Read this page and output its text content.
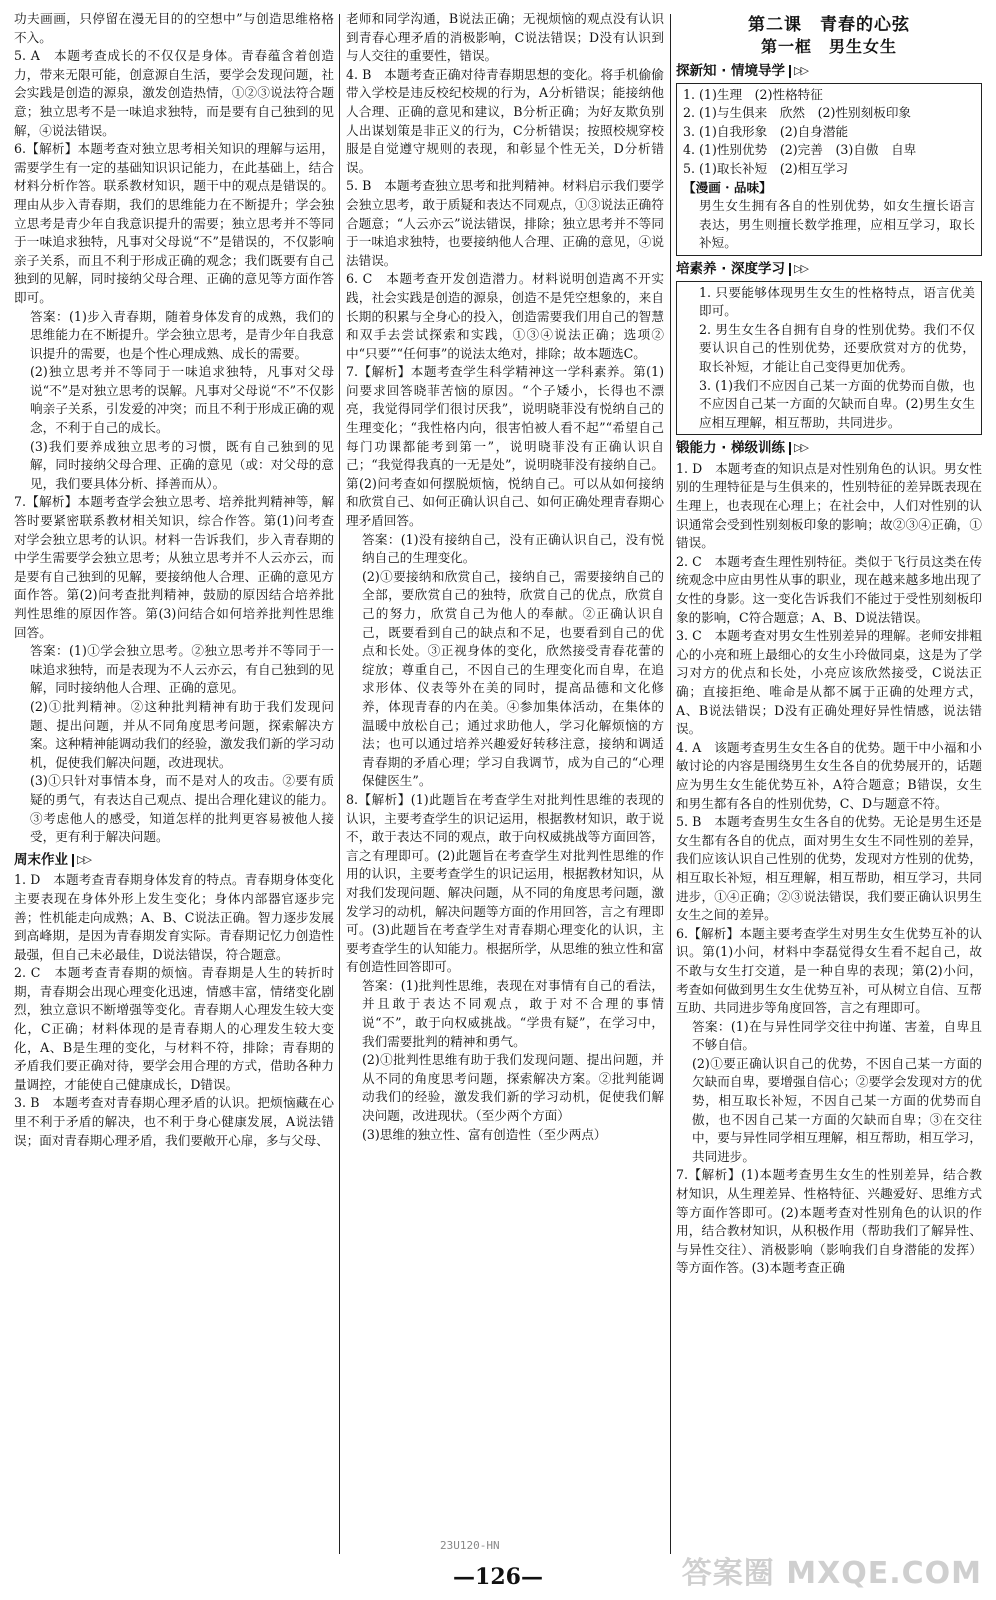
功夫画画，只停留在漫无目的的空想中”与创造思维格格不入。

5. A　本题考查成长的不仅仅是身体。青春蕴含着创造力，带来无限可能，创意源自生活，要学会发现问题，社会实践是创造的源泉，激发创造热情，①②③说法符合题意；独立思考不是一味追求独特，而是要有自己独到的见解，④说法错误。

6.【解析】本题考查对独立思考相关知识的理解与运用，需要学生有一定的基础知识识记能力，在此基础上，结合材料分析作答。联系教材知识，题干中的观点是错误的。理由从步入青春期，我们的思维能力在不断提升；学会独立思考是青少年自我意识提升的需要；独立思考并不等同于一味追求独特，凡事对父母说“不”是错误的，不仅影响亲子关系，而且不利于形成正确的观念；我们既要有自己独到的见解，同时接纳父母合理、正确的意见等方面作答即可。

答案：(1)步入青春期，随着身体发育的成熟，我们的思维能力在不断提升。学会独立思考，是青少年自我意识提升的需要，也是个性心理成熟、成长的需要。

(2)独立思考并不等同于一味追求独特，凡事对父母说“不”是对独立思考的误解。凡事对父母说“不”不仅影响亲子关系，引发爱的冲突；而且不利于形成正确的观念，不利于自己的成长。

(3)我们要养成独立思考的习惯，既有自己独到的见解，同时接纳父母合理、正确的意见（或：对父母的意见，我们要具体分析、择善而从）。

7.【解析】本题考查学会独立思考、培养批判精神等，解答时要紧密联系教材相关知识，综合作答。第(1)问考查对学会独立思考的认识。材料一告诉我们，步入青春期的中学生需要学会独立思考；从独立思考并不人云亦云，而是要有自己独到的见解，要接纳他人合理、正确的意见方面作答。第(2)问考查批判精神，鼓励的原因结合培养批判性思维的原因作答。第(3)问结合如何培养批判性思维回答。

答案：(1)①学会独立思考。②独立思考并不等同于一味追求独特，而是表现为不人云亦云，有自己独到的见解，同时接纳他人合理、正确的意见。

(2)①批判精神。②这种批判精神有助于我们发现问题、提出问题，并从不同角度思考问题，探索解决方案。这种精神能调动我们的经验，激发我们新的学习动机，促使我们解决问题，改进现状。

(3)①只针对事情本身，而不是对人的攻击。②要有质疑的勇气，有表达自己观点、提出合理化建议的能力。③考虑他人的感受，知道怎样的批判更容易被他人接受，更有利于解决问题。

周末作业 ▷▷

1. D　本题考查青春期身体发育的特点。青春期身体变化主要表现在身体外形上发生变化；身体内部器官逐步完善；性机能走向成熟；A、B、C说法正确。智力逐步发展到高峰期，是因为青春期发育实际。青春期记忆力创造性最强，但自己未必最佳，D说法错误，符合题意。

2. C　本题考查青春期的烦恼。青春期是人生的转折时期，青春期会出现心理变化迅速，情感丰富，情绪变化剧烈，独立意识不断增强等变化。青春期人心理发生较大变化，C正确；材料体现的是青春期人的心理发生较大变化，A、B是生理的变化，与材料不符，排除；青春期的矛盾我们要正确对待，要学会用合理的方式，借助各种力量调控，才能使自己健康成长，D错误。

3. B　本题考查对青春期心理矛盾的认识。把烦恼藏在心里不利于矛盾的解决，也不利于身心健康发展，A说法错误；面对青春期心理矛盾，我们要敞开心扉，多与父母、

老师和同学沟通，B说法正确；无视烦恼的观点没有认识到青春心理矛盾的消极影响，C说法错误；D没有认识到与人交往的重要性，错误。

4. B　本题考查正确对待青春期思想的变化。将手机偷偷带入学校是违反校纪校规的行为，A分析错误；能接纳他人合理、正确的意见和建议，B分析正确；为好友欺负别人出谋划策是非正义的行为，C分析错误；按照校规穿校服是自觉遵守规则的表现，和彰显个性无关，D分析错误。

5. B　本题考查独立思考和批判精神。材料启示我们要学会独立思考，敢于质疑和表达不同观点，①③说法正确符合题意；“人云亦云”说法错误，排除；独立思考并不等同于一味追求独特，也要接纳他人合理、正确的意见，④说法错误。

6. C　本题考查开发创造潜力。材料说明创造离不开实践，社会实践是创造的源泉，创造不是凭空想象的，来自长期的积累与全身心的投入，创造需要我们用自己的智慧和双手去尝试探索和实践，①③④说法正确；选项②中“只要”“任何事”的说法太绝对，排除；故本题选C。

7.【解析】本题考查学生科学精神这一学科素养。第(1)问要求回答晓菲苦恼的原因。“个子矮小，长得也不漂亮，我觉得同学们很讨厌我”，说明晓菲没有悦纳自己的生理变化；“我性格内向，很害怕被人看不起”“希望自己每门功课都能考到第一”，说明晓菲没有正确认识自己；“我觉得我真的一无是处”，说明晓菲没有接纳自己。第(2)问考查如何摆脱烦恼，悦纳自己。可以从如何接纳和欣赏自己、如何正确认识自己、如何正确处理青春期心理矛盾回答。

答案：(1)没有接纳自己，没有正确认识自己，没有悦纳自己的生理变化。

(2)①要接纳和欣赏自己，接纳自己，需要接纳自己的全部，要欣赏自己的独特，欣赏自己的优点，欣赏自己的努力，欣赏自己为他人的奉献。②正确认识自己，既要看到自己的缺点和不足，也要看到自己的优点和长处。③正视身体的变化，欣然接受青春花蕾的绽放；尊重自己，不因自己的生理变化而自卑，在追求形体、仪表等外在美的同时，提高品德和文化修养，体现青春的内在美。④参加集体活动，在集体的温暖中放松自己；通过求助他人，学习化解烦恼的方法；也可以通过培养兴趣爱好转移注意，接纳和调适青春期的矛盾心理；学习自我调节，成为自己的“心理保健医生”。

8.【解析】(1)此题旨在考查学生对批判性思维的表现的认识，主要考查学生的识记运用，根据教材知识，敢于说不，敢于表达不同的观点，敢于向权威挑战等方面回答，言之有理即可。(2)此题旨在考查学生对批判性思维的作用的认识，主要考查学生的识记运用，根据教材知识，从对我们发现问题、解决问题，从不同的角度思考问题，激发学习的动机，解决问题等方面的作用回答，言之有理即可。(3)此题旨在考查学生对青春期心理变化的认识，主要考查学生的认知能力。根据所学，从思维的独立性和富有创造性回答即可。

答案：(1)批判性思维，表现在对事情有自己的看法，并且敢于表达不同观点，敢于对不合理的事情说“不”，敢于向权威挑战。“学贵有疑”，在学习中，我们需要批判的精神和勇气。

(2)①批判性思维有助于我们发现问题、提出问题，并从不同的角度思考问题，探索解决方案。②批判能调动我们的经验，激发我们新的学习动机，促使我们解决问题，改进现状。（至少两个方面）

(3)思维的独立性、富有创造性（至少两点）

第二课　青春的心弦
第一框　男生女生
探新知 · 情境导学 ▷▷

1. (1)生理　(2)性格特征

2. (1)与生俱来　欣然　(2)性别刻板印象

3. (1)自我形象　(2)自身潜能

4. (1)性别优势　(2)完善　(3)自傲　自卑

5. (1)取长补短　(2)相互学习

【漫画 · 品味】

男生女生拥有各自的性别优势，如女生擅长语言表达，男生则擅长数学推理，应相互学习，取长补短。

培素养 · 深度学习 ▷▷

1. 只要能够体现男生女生的性格特点，语言优美即可。

2. 男生女生各自拥有自身的性别优势。我们不仅要认识自己的性别优势，还要欣赏对方的优势，取长补短，才能让自己变得更加优秀。

3. (1)我们不应因自己某一方面的优势而自傲，也不应因自己某一方面的欠缺而自卑。(2)男生女生应相互理解，相互帮助，共同进步。

锻能力 · 梯级训练 ▷▷

1. D　本题考查的知识点是对性别角色的认识。男女性别的生理特征是与生俱来的，性别特征的差异既表现在生理上，也表现在心理上；在社会中，人们对性别的认识通常会受到性别刻板印象的影响；故②③④正确，①错误。

2. C　本题考查生理性别特征。类似于飞行员这类在传统观念中应由男性从事的职业，现在越来越多地出现了女性的身影。这一变化告诉我们不能过于受性别刻板印象的影响，C符合题意；A、B、D说法错误。

3. C　本题考查对男女生性别差异的理解。老师安排粗心的小亮和班上最细心的女生小玲做同桌，这是为了学习对方的优点和长处，小亮应该欣然接受，C说法正确；直接拒绝、唯命是从都不属于正确的处理方式，A、B说法错误；D没有正确处理好异性情感，说法错误。

4. A　该题考查男生女生各自的优势。题干中小福和小敏讨论的内容是围绕男生女生各自的优势展开的，话题应为男生女生能优势互补，A符合题意；B错误，女生和男生都有各自的性别优势，C、D与题意不符。

5. B　本题考查男生女生各自的优势。无论是男生还是女生都有各自的优点，面对男生女生不同性别的差异，我们应该认识自己性别的优势，发现对方性别的优势，相互取长补短，相互理解，相互帮助，相互学习，共同进步，①④正确；②③说法错误，我们要正确认识男生女生之间的差异。

6.【解析】本题主要考查学生对男生女生优势互补的认识。第(1)小问，材料中李磊觉得女生看不起自己，故不敢与女生打交道，是一种自卑的表现；第(2)小问，考查如何做到男生女生优势互补，可从树立自信、互帮互助、共同进步等角度回答，言之有理即可。

答案：(1)在与异性同学交往中拘谨、害羞，自卑且不够自信。

(2)①要正确认识自己的优势，不因自己某一方面的欠缺而自卑，要增强自信心；②要学会发现对方的优势，相互取长补短，不因自己某一方面的优势而自傲，也不因自己某一方面的欠缺而自卑；③在交往中，要与异性同学相互理解，相互帮助，相互学习，共同进步。

7.【解析】(1)本题考查男生女生的性别差异，结合教材知识，从生理差异、性格特征、兴趣爱好、思维方式等方面作答即可。(2)本题考查对性别角色的认识的作用，结合教材知识，从积极作用（帮助我们了解异性、与异性交往）、消极影响（影响我们自身潜能的发挥）等方面作答。(3)本题考查正确

23U120-HN
—126—	答案圈 MXQE.COM
